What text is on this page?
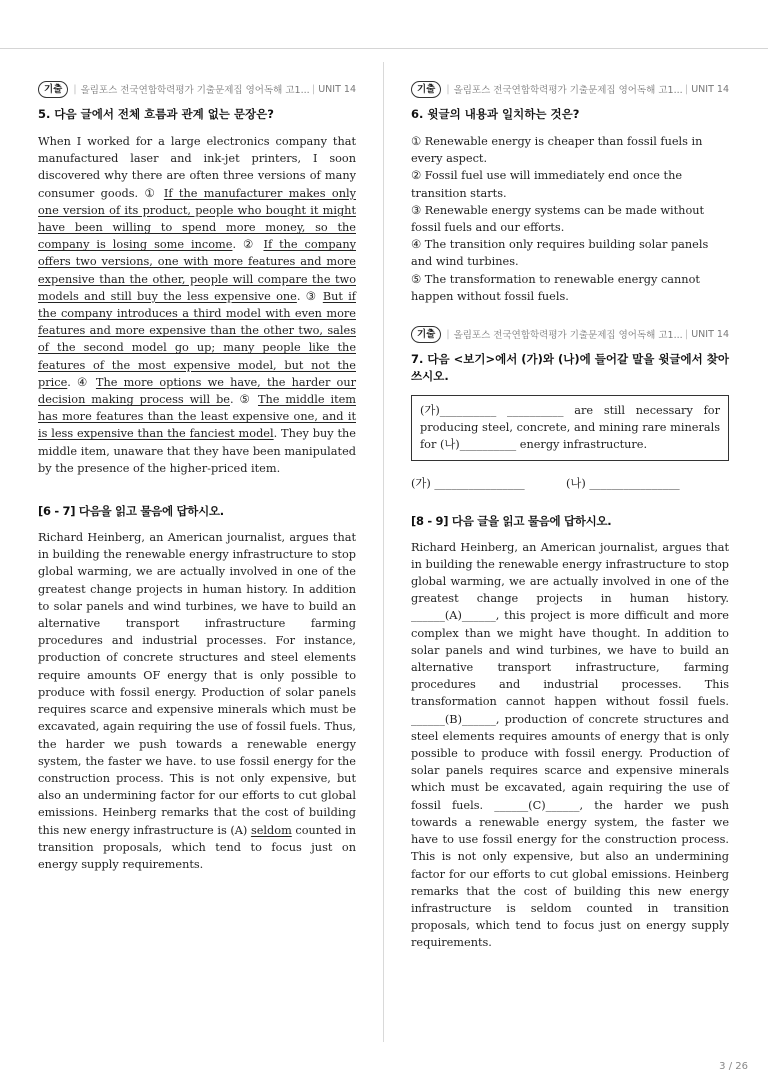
기출	| 올림포스 전국연합학력평가 기출문제집 영어독해 고1... | UNIT 14
5. 다음 글에서 전체 흐름과 관계 없는 문장은?

When I worked for a large electronics company that manufactured laser and ink-jet printers, I soon discovered why there are often three versions of many consumer goods. ① If the manufacturer makes only one version of its product, people who bought it might have been willing to spend more money, so the company is losing some income. ② If the company offers two versions, one with more features and more expensive than the other, people will compare the two models and still buy the less expensive one. ③ But if the company introduces a third model with even more features and more expensive than the other two, sales of the second model go up; many people like the features of the most expensive model, but not the price. ④ The more options we have, the harder our decision making process will be. ⑤ The middle item has more features than the least expensive one, and it is less expensive than the fanciest model. They buy the middle item, unaware that they have been manipulated by the presence of the higher-priced item.

[6 - 7] 다음을 읽고 물음에 답하시오.

Richard Heinberg, an American journalist, argues that in building the renewable energy infrastructure to stop global warming, we are actually involved in one of the greatest change projects in human history. In addition to solar panels and wind turbines, we have to build an alternative transport infrastructure farming procedures and industrial processes. For instance, production of concrete structures and steel elements require amounts OF energy that is only possible to produce with fossil energy. Production of solar panels requires scarce and expensive minerals which must be excavated, again requiring the use of fossil fuels. Thus, the harder we push towards a renewable energy system, the faster we have. to use fossil energy for the construction process. This is not only expensive, but also an undermining factor for our efforts to cut global emissions. Heinberg remarks that the cost of building this new energy infrastructure is (A) seldom counted in transition proposals, which tend to focus just on energy supply requirements.

기출	| 올림포스 전국연합학력평가 기출문제집 영어독해 고1... | UNIT 14
6. 윗글의 내용과 일치하는 것은?

① Renewable energy is cheaper than fossil fuels in every aspect.

② Fossil fuel use will immediately end once the transition starts.

③ Renewable energy systems can be made without fossil fuels and our efforts.

④ The transition only requires building solar panels and wind turbines.

⑤ The transformation to renewable energy cannot happen without fossil fuels.

기출	| 올림포스 전국연합학력평가 기출문제집 영어독해 고1... | UNIT 14
7. 다음 <보기>에서 (가)와 (나)에 들어갈 말을 윗글에서 찾아 쓰시오.
(가)__________ __________ are still necessary for producing steel, concrete, and mining rare minerals for (나)__________ energy infrastructure.
(가) ________________	(나) ________________
[8 - 9] 다음 글을 읽고 물음에 답하시오.

Richard Heinberg, an American journalist, argues that in building the renewable energy infrastructure to stop global warming, we are actually involved in one of the greatest change projects in human history. ______(A)______, this project is more difficult and more complex than we might have thought. In addition to solar panels and wind turbines, we have to build an alternative transport infrastructure, farming procedures and industrial processes. This transformation cannot happen without fossil fuels. ______(B)______, production of concrete structures and steel elements requires amounts of energy that is only possible to produce with fossil energy. Production of solar panels requires scarce and expensive minerals which must be excavated, again requiring the use of fossil fuels. ______(C)______, the harder we push towards a renewable energy system, the faster we have to use fossil energy for the construction process. This is not only expensive, but also an undermining factor for our efforts to cut global emissions. Heinberg remarks that the cost of building this new energy infrastructure is seldom counted in transition proposals, which tend to focus just on energy supply requirements.

3 / 26
